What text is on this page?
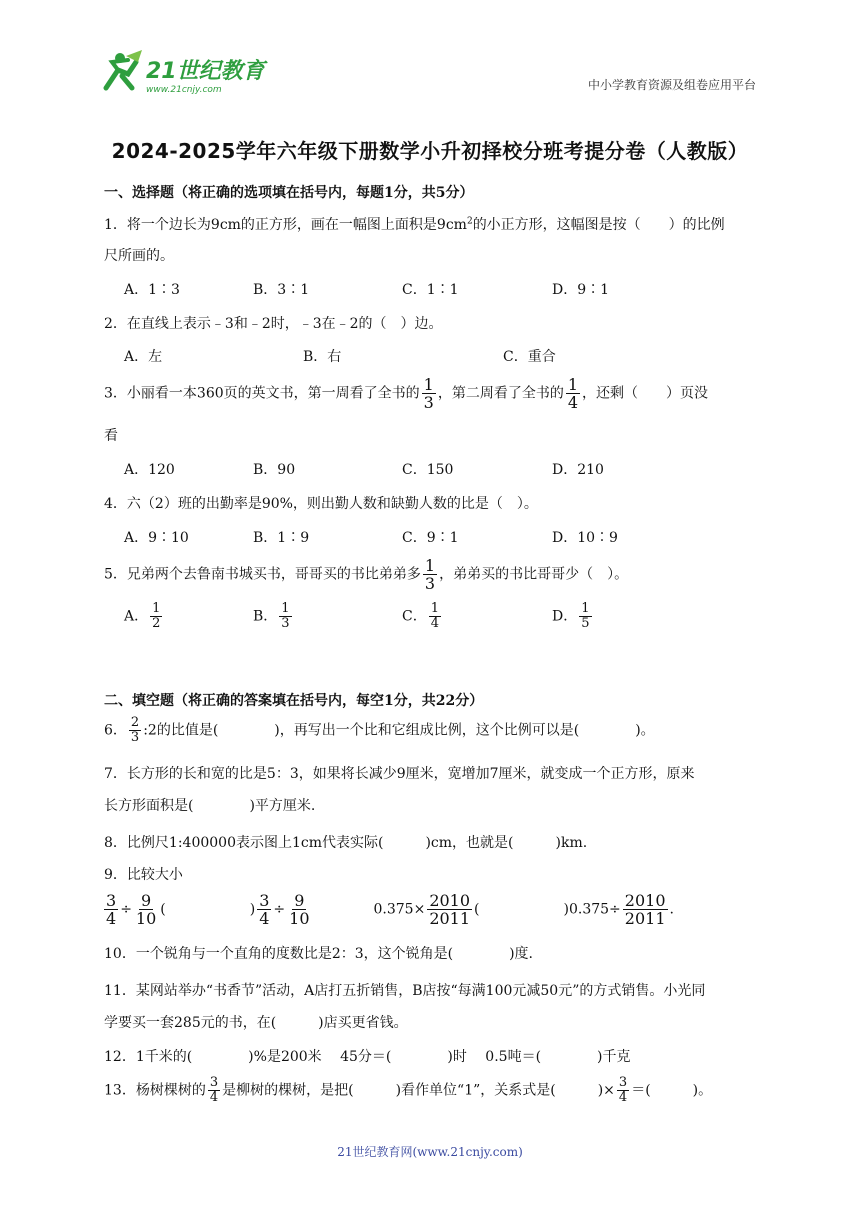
21世纪教育
www.21cnjy.com	中小学教育资源及组卷应用平台
2024-2025学年六年级下册数学小升初择校分班考提分卷（人教版）
一、选择题（将正确的选项填在括号内，每题1分，共5分）
1．将一个边长为9cm的正方形，画在一幅图上面积是$9cm^2$的小正方形，这幅图是按（　　）的比例
尺所画的。
A．1∶3	B．3∶1	C．1∶1	D．9∶1
2．在直线上表示﹣3和﹣2时，﹣3在﹣2的（　）边。
A．左	B．右	C．重合
3．小丽看一本360页的英文书，第一周看了全书的 $\frac{1}{3}$ ，第二周看了全书的 $\frac{1}{4}$ ，还剩（　　）页没
看
A．120	B．90	C．150	D．210
4．六（2）班的出勤率是90%，则出勤人数和缺勤人数的比是（　）。
A．9∶10	B．1∶9	C．9∶1	D．10∶9
5．兄弟两个去鲁南书城买书，哥哥买的书比弟弟多 $\frac{1}{3}$ ，弟弟买的书比哥哥少（　）。
A． $\frac{1}{2}$	B． $\frac{1}{3}$	C． $\frac{1}{4}$	D． $\frac{1}{5}$
二、填空题（将正确的答案填在括号内，每空1分，共22分）
6． $\frac{2}{3}$ :2的比值是(　　　　)，再写出一个比和它组成比例，这个比例可以是(　　　　)。
7．长方形的长和宽的比是5：3，如果将长减少9厘米，宽增加7厘米，就变成一个正方形，原来
长方形面积是(　　　　)平方厘米.
8．比例尺1:400000表示图上1cm代表实际(　　　)cm，也就是(　　　)km.
9．比较大小
$\frac{3}{4} \div \frac{9}{10}$ (　　　　　　) $\frac{3}{4} \div \frac{9}{10}$	$0.375\times \frac{2010}{2011}$ (　　　　　　)$0.375\div \frac{2010}{2011}$ .
10．一个锐角与一个直角的度数比是2：3，这个锐角是(　　　　)度.
11．某网站举办“书香节”活动，A店打五折销售，B店按“每满100元减50元”的方式销售。小光同
学要买一套285元的书，在(　　　)店买更省钱。
12．1千米的(　　　　)%是200米　 45分＝(　　　　)时　 0.5吨＝(　　　　)千克
13．杨树棵树的 $\frac{3}{4}$ 是柳树的棵树，是把(　　　)看作单位“1”，关系式是(　　　)× $\frac{3}{4}$ ＝(　　　)。
21世纪教育网(www.21cnjy.com)
